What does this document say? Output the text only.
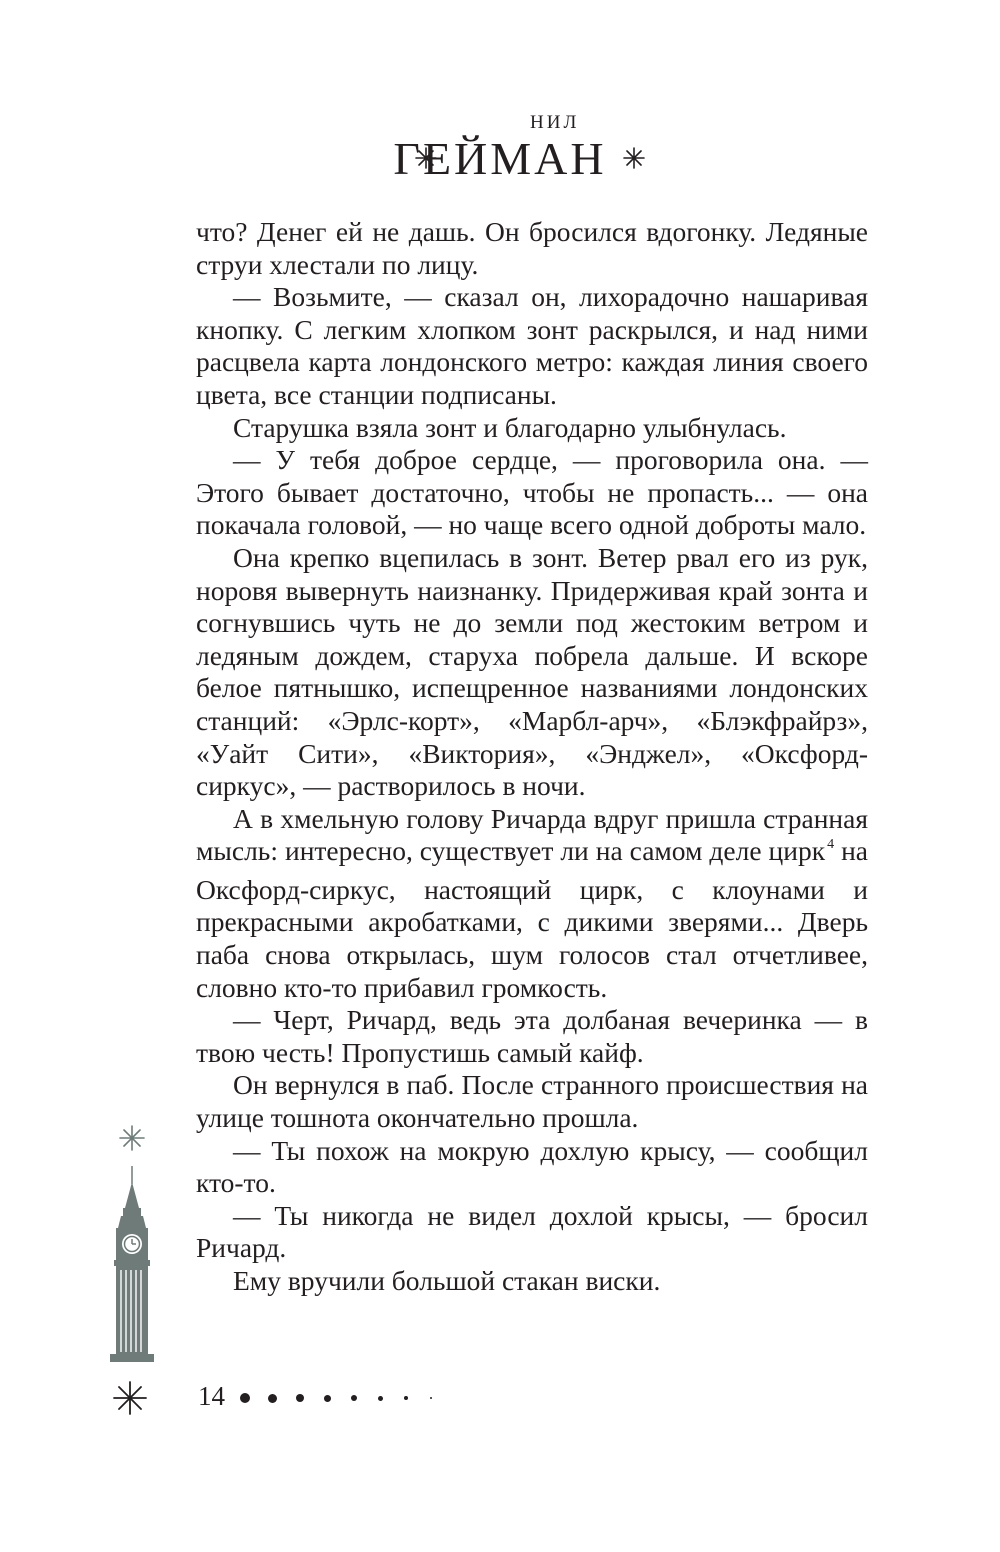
НИЛ
ГЕЙМАН

что? Денег ей не дашь. Он бросился вдогонку. Ледяные струи хлестали по лицу.

— Возьмите, — сказал он, лихорадочно нашаривая кнопку. С легким хлопком зонт раскрылся, и над ними расцвела карта лондонского метро: каждая линия своего цвета, все станции подписаны.

Старушка взяла зонт и благодарно улыбнулась.

— У тебя доброе сердце, — проговорила она. — Этого бывает достаточно, чтобы не пропасть... — она покачала головой, — но чаще всего одной доброты мало.

Она крепко вцепилась в зонт. Ветер рвал его из рук, норовя вывернуть наизнанку. Придерживая край зонта и согнувшись чуть не до земли под жестоким ветром и ледяным дождем, старуха побрела дальше. И вскоре белое пятнышко, испещренное названиями лондонских станций: «Эрлс-корт», «Марбл-арч», «Блэкфрайрз», «Уайт Сити», «Виктория», «Энджел», «Оксфорд-сиркус», — растворилось в ночи.

А в хмельную голову Ричарда вдруг пришла странная мысль: интересно, существует ли на самом деле цирк $^4$ на Оксфорд-сиркус, настоящий цирк, с клоунами и прекрасными акробатками, с дикими зверями... Дверь паба снова открылась, шум голосов стал отчетливее, словно кто-то прибавил громкость.

— Черт, Ричард, ведь эта долбаная вечеринка — в твою честь! Пропустишь самый кайф.

Он вернулся в паб. После странного происшествия на улице тошнота окончательно прошла.

— Ты похож на мокрую дохлую крысу, — сообщил кто-то.

— Ты никогда не видел дохлой крысы, — бросил Ричард.

Ему вручили большой стакан виски.

14
